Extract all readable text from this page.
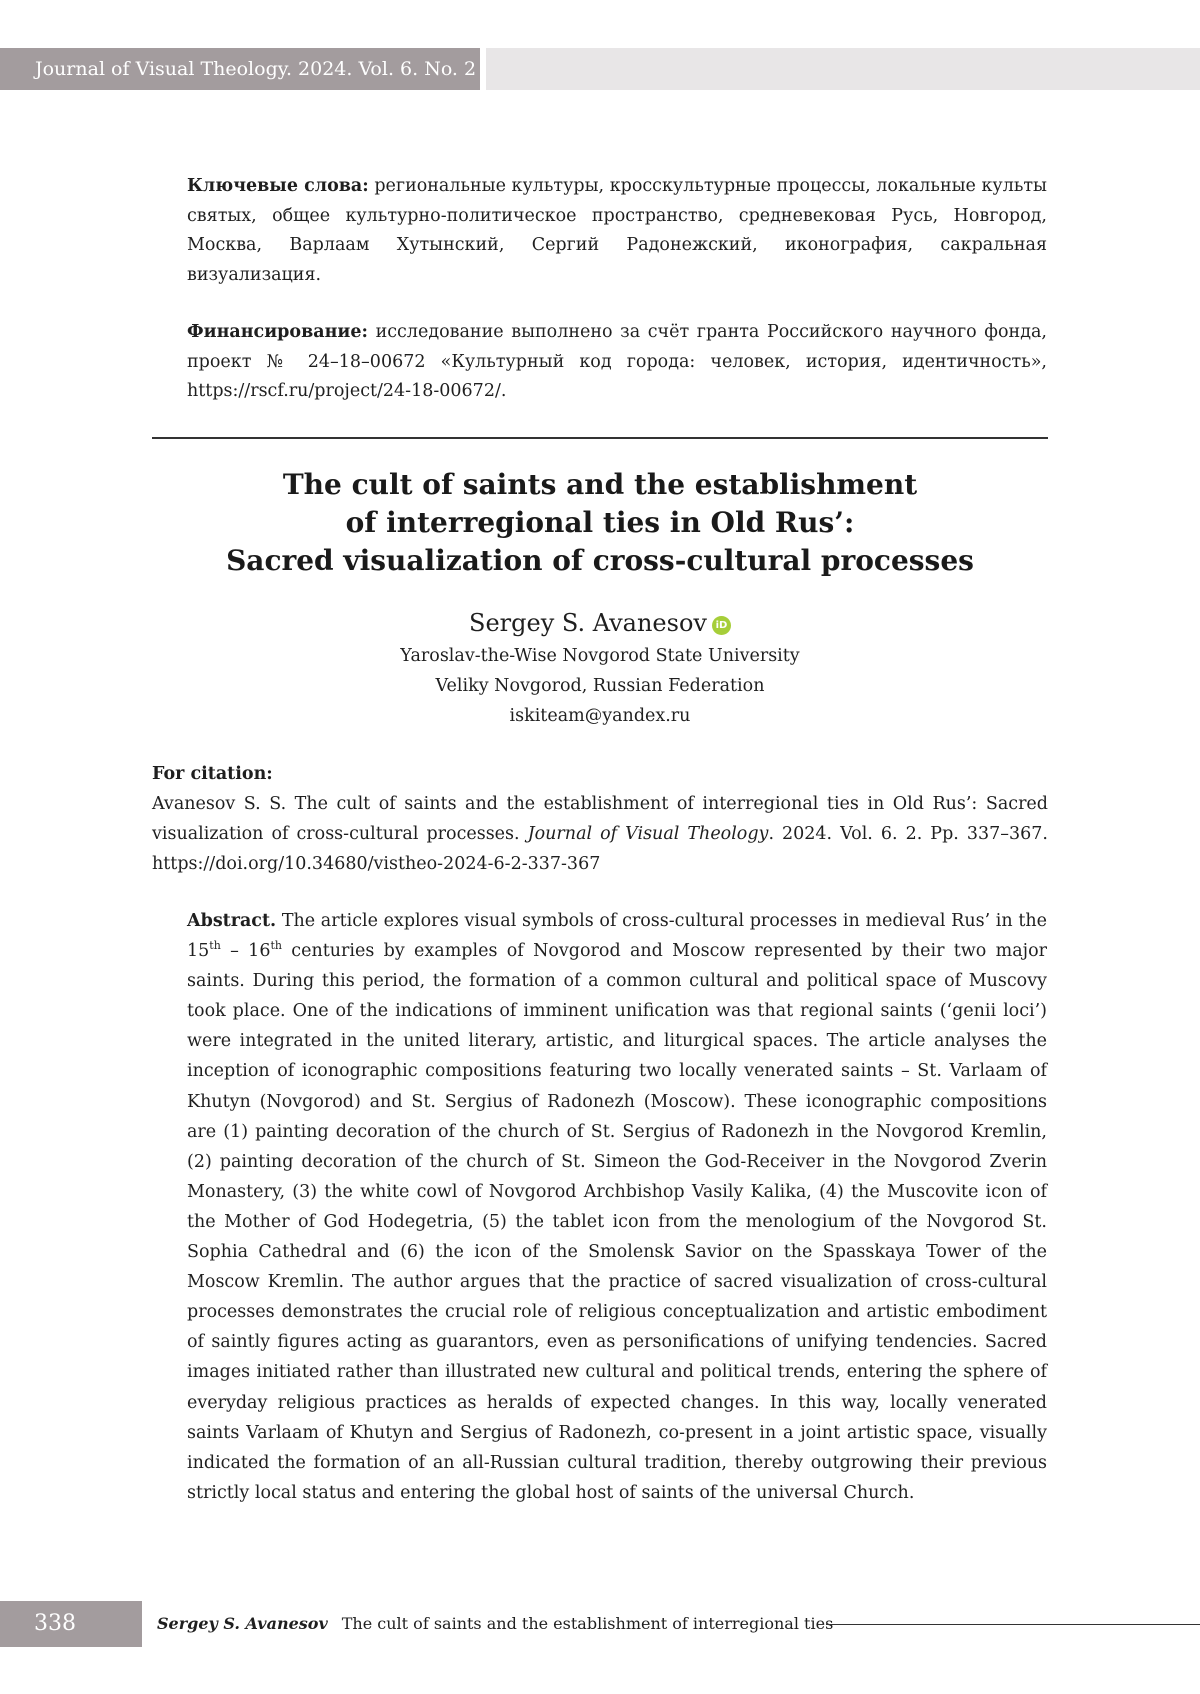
Journal of Visual Theology. 2024. Vol. 6. No. 2
Ключевые слова: региональные культуры, кросскультурные процессы, локальные культы святых, общее культурно-политическое пространство, средневековая Русь, Новгород, Москва, Варлаам Хутынский, Сергий Радонежский, иконография, сакральная визуализация.
Финансирование: исследование выполнено за счёт гранта Российского научного фонда, проект № 24–18–00672 «Культурный код города: человек, история, идентичность», https://rscf.ru/project/24-18-00672/.
The cult of saints and the establishment
of interregional ties in Old Rus’:
Sacred visualization of cross-cultural processes
Sergey S. Avanesov iD
Yaroslav-the-Wise Novgorod State University
Veliky Novgorod, Russian Federation
iskiteam@yandex.ru
For citation:
Avanesov S. S. The cult of saints and the establishment of interregional ties in Old Rus’: Sacred visualization of cross-cultural processes. Journal of Visual Theology. 2024. Vol. 6. 2. Pp. 337–367. https://doi.org/10.34680/vistheo-2024-6-2-337-367
Abstract. The article explores visual symbols of cross-cultural processes in medieval Rus’ in the 15th – 16th centuries by examples of Novgorod and Moscow represented by their two major saints. During this period, the formation of a common cultural and political space of Muscovy took place. One of the indications of imminent unification was that regional saints (‘genii loci’) were integrated in the united literary, artistic, and liturgical spaces. The article analyses the inception of iconographic compositions featuring two locally venerated saints – St. Varlaam of Khutyn (Novgorod) and St. Sergius of Radonezh (Moscow). These iconographic compositions are (1) painting decoration of the church of St. Sergius of Radonezh in the Novgorod Kremlin, (2) painting decoration of the church of St. Simeon the God-Receiver in the Novgorod Zverin Monastery, (3) the white cowl of Novgorod Archbishop Vasily Kalika, (4) the Muscovite icon of the Mother of God Hodegetria, (5) the tablet icon from the menologium of the Novgorod St. Sophia Cathedral and (6) the icon of the Smolensk Savior on the Spasskaya Tower of the Moscow Kremlin. The author argues that the practice of sacred visualization of cross-cultural processes demonstrates the crucial role of religious conceptualization and artistic embodiment of saintly figures acting as guarantors, even as personifications of unifying tendencies. Sacred images initiated rather than illustrated new cultural and political trends, entering the sphere of everyday religious practices as heralds of expected changes. In this way, locally venerated saints Varlaam of Khutyn and Sergius of Radonezh, co-present in a joint artistic space, visually indicated the formation of an all-Russian cultural tradition, thereby outgrowing their previous strictly local status and entering the global host of saints of the universal Church.
338	Sergey S. Avanesov The cult of saints and the establishment of interregional ties
